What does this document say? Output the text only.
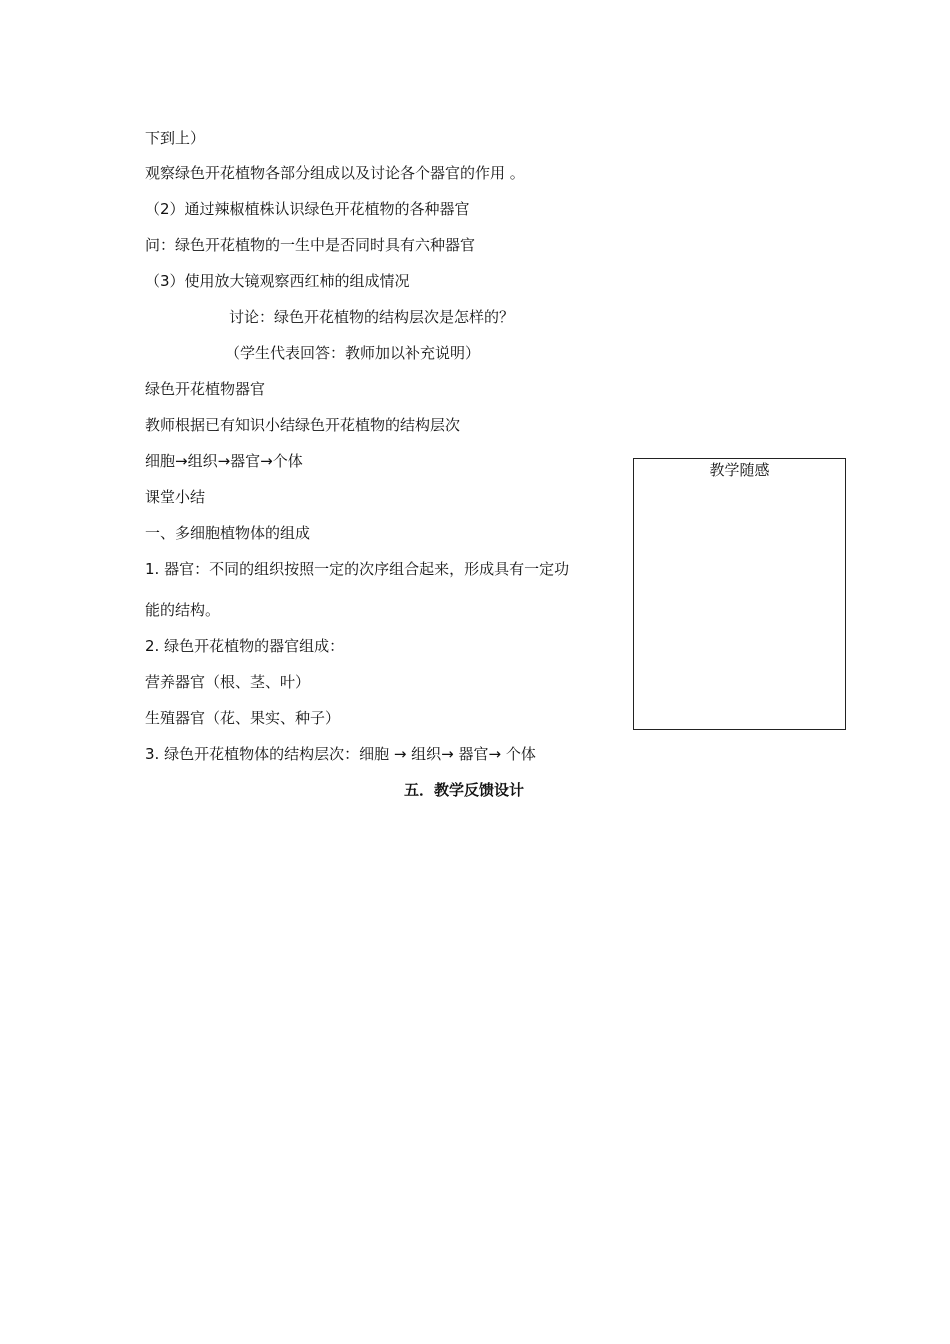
下到上）
观察绿色开花植物各部分组成以及讨论各个器官的作用 。
（2）通过辣椒植株认识绿色开花植物的各种器官
问：绿色开花植物的一生中是否同时具有六种器官
（3）使用放大镜观察西红柿的组成情况
讨论：绿色开花植物的结构层次是怎样的？
（学生代表回答：教师加以补充说明）
绿色开花植物器官
教师根据已有知识小结绿色开花植物的结构层次
细胞→组织→器官→个体
课堂小结
一、多细胞植物体的组成
1. 器官：不同的组织按照一定的次序组合起来，形成具有一定功
能的结构。
2. 绿色开花植物的器官组成：
营养器官（根、茎、叶）
生殖器官（花、果实、种子）
3. 绿色开花植物体的结构层次：细胞 → 组织→ 器官→ 个体
五．教学反馈设计
教学随感
